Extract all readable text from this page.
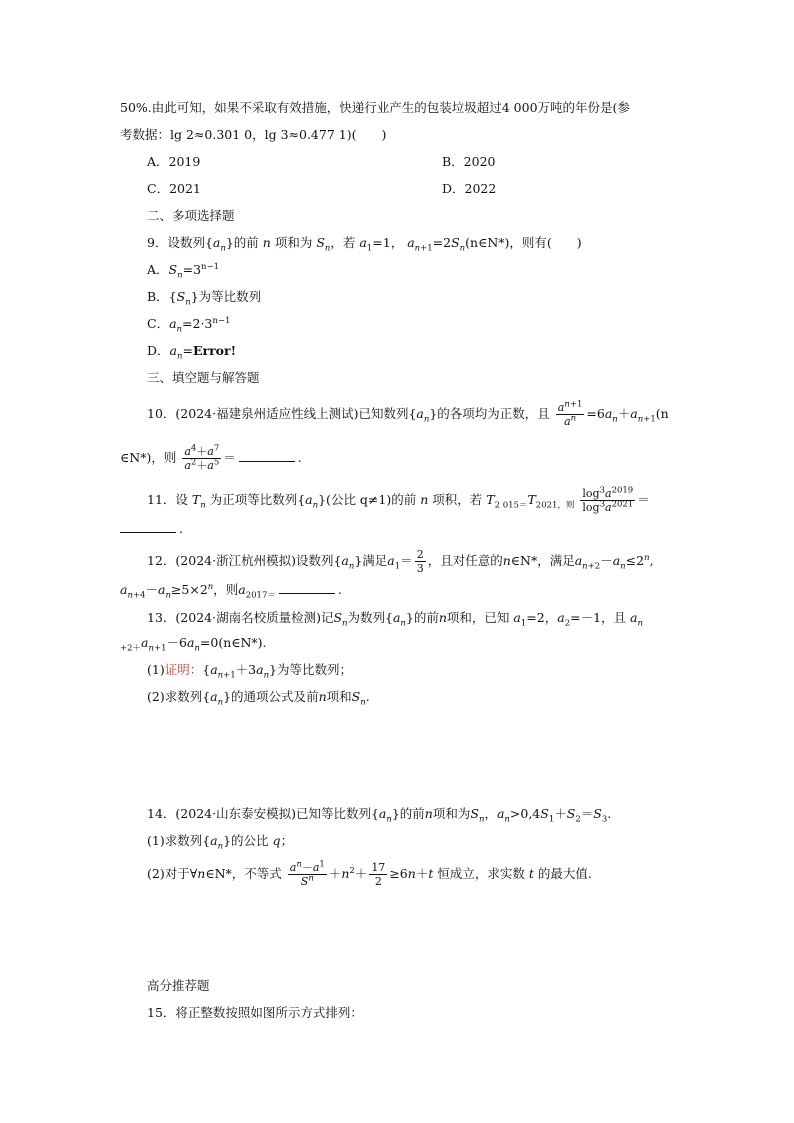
50%.由此可知，如果不采取有效措施，快递行业产生的包装垃圾超过4 000万吨的年份是(参
考数据：lg 2≈0.301 0，lg 3≈0.477 1)(　　)
A．2019	B．2020
C．2021	D．2022
二、多项选择题
9．设数列$\{a_n\}$的前 n 项和为 $S_n$，若 $a_1=1$， $a_{n+1}=2S_n(n\in N*)$，则有(　　)
A．$S_n=3^{n-1}$
B．$\{S_n\}$为等比数列
C．$a_n=2\cdot 3^{n-1}$
D．$a_n=Error$!
三、填空题与解答题
10．(2024·福建泉州适应性线上测试)已知数列$\{a_n\}$的各项均为正数，且 $\frac{a^{n+1}}{a^n} =6a_n+a_{n+1}(n$
∈N*)，则 $\frac{a^4+a^7}{a^2+a^5}$ ＝	.
11．设 $T_n$ 为正项等比数列$\{a_n\}$(公比 q≠1)的前 n 项积，若 $T_{2 015=}T_{2021,则} \frac{\log^3a^{2019}}{\log^3a^{2021}}$ ＝
.
12．(2024·浙江杭州模拟)设数列$\{a_n\}$满足$a_1= \frac{2}{3}$ ，且对任意的n∈N*，满足$a_{n+2}-a_n\le 2^n$,
$a_{n+4}-a_n\ge 5\times 2^n$，则$a_{2017=}$	.
13．(2024·湖南名校质量检测)记$S_n$为数列$\{a_n\}$的前n项和，已知 $a_1=2$，$a_2=-1$，且 $a_n$
$_{+2+}a_{n+1}-6a_n=0(n\in N*)$.
(1)证明：$\{a_{n+1}+3a_n\}$为等比数列；
(2)求数列$\{a_n\}$的通项公式及前n项和$S_n$.
14．(2024·山东泰安模拟)已知等比数列$\{a_n\}$的前n项和为$S_n$，$a_n>0,4S_1+S_2=S_3$.
(1)求数列$\{a_n\}$的公比 q；
(2)对于∀n∈N*，不等式 $\frac{a^n-a^1}{S^n} +n^2+ \frac{17}{2} \ge 6n+t$ 恒成立，求实数 t 的最大值.
高分推荐题
15．将正整数按照如图所示方式排列：
